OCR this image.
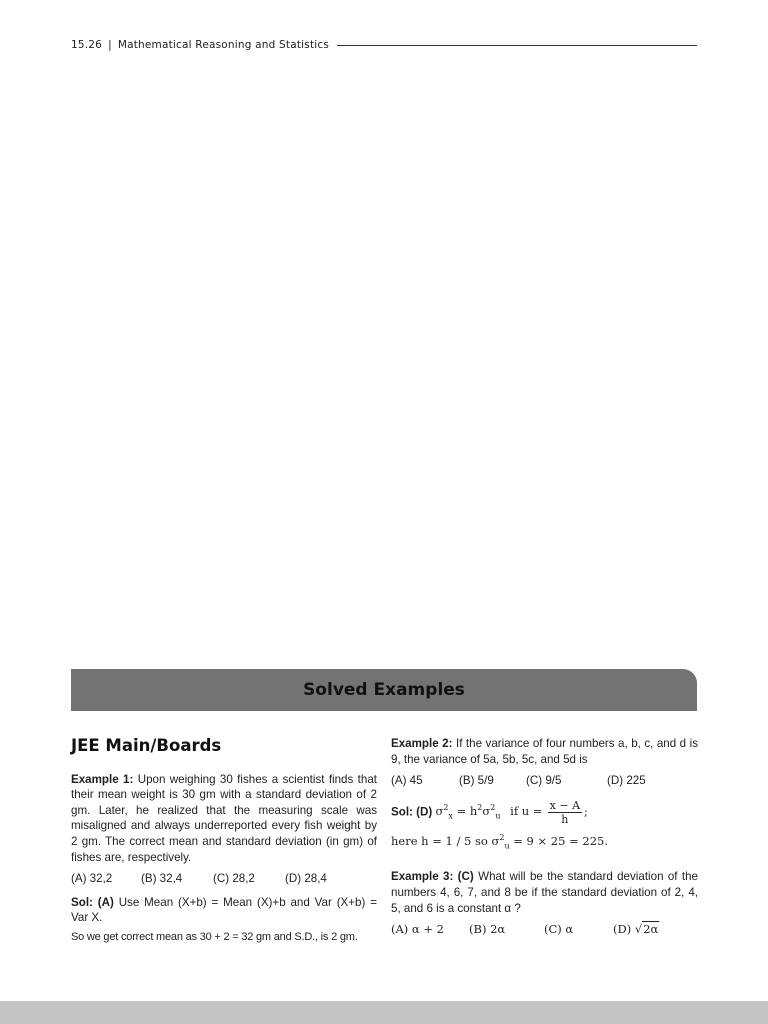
15.26 | Mathematical Reasoning and Statistics
Solved Examples
JEE Main/Boards

Example 1: Upon weighing 30 fishes a scientist finds that their mean weight is 30 gm with a standard deviation of 2 gm. Later, he realized that the measuring scale was misaligned and always underreported every fish weight by 2 gm. The correct mean and standard deviation (in gm) of fishes are, respectively.

(A) 32,2	(B) 32,4	(C) 28,2	(D) 28,4

Sol: (A) Use Mean (X+b) = Mean (X)+b and Var (X+b) = Var X.

So we get correct mean as 30 + 2 = 32 gm and S.D., is 2 gm.

Example 2: If the variance of four numbers a, b, c, and d is 9, the variance of 5a, 5b, 5c, and 5d is

(A) 45	(B) 5/9	(C) 9/5	(D) 225
Sol: (D) $\sigma^2_x = h^2\sigma^2_u$ if $u = \frac{x - A}{h}$ ;
here h = 1 / 5 so $\sigma^2_u = 9 \times 25 = 225$.

Example 3: (C) What will be the standard deviation of the numbers 4, 6, 7, and 8 be if the standard deviation of 2, 4, 5, and 6 is a constant α ?

(A) α + 2	(B) 2α	(C) α	(D) √2α
